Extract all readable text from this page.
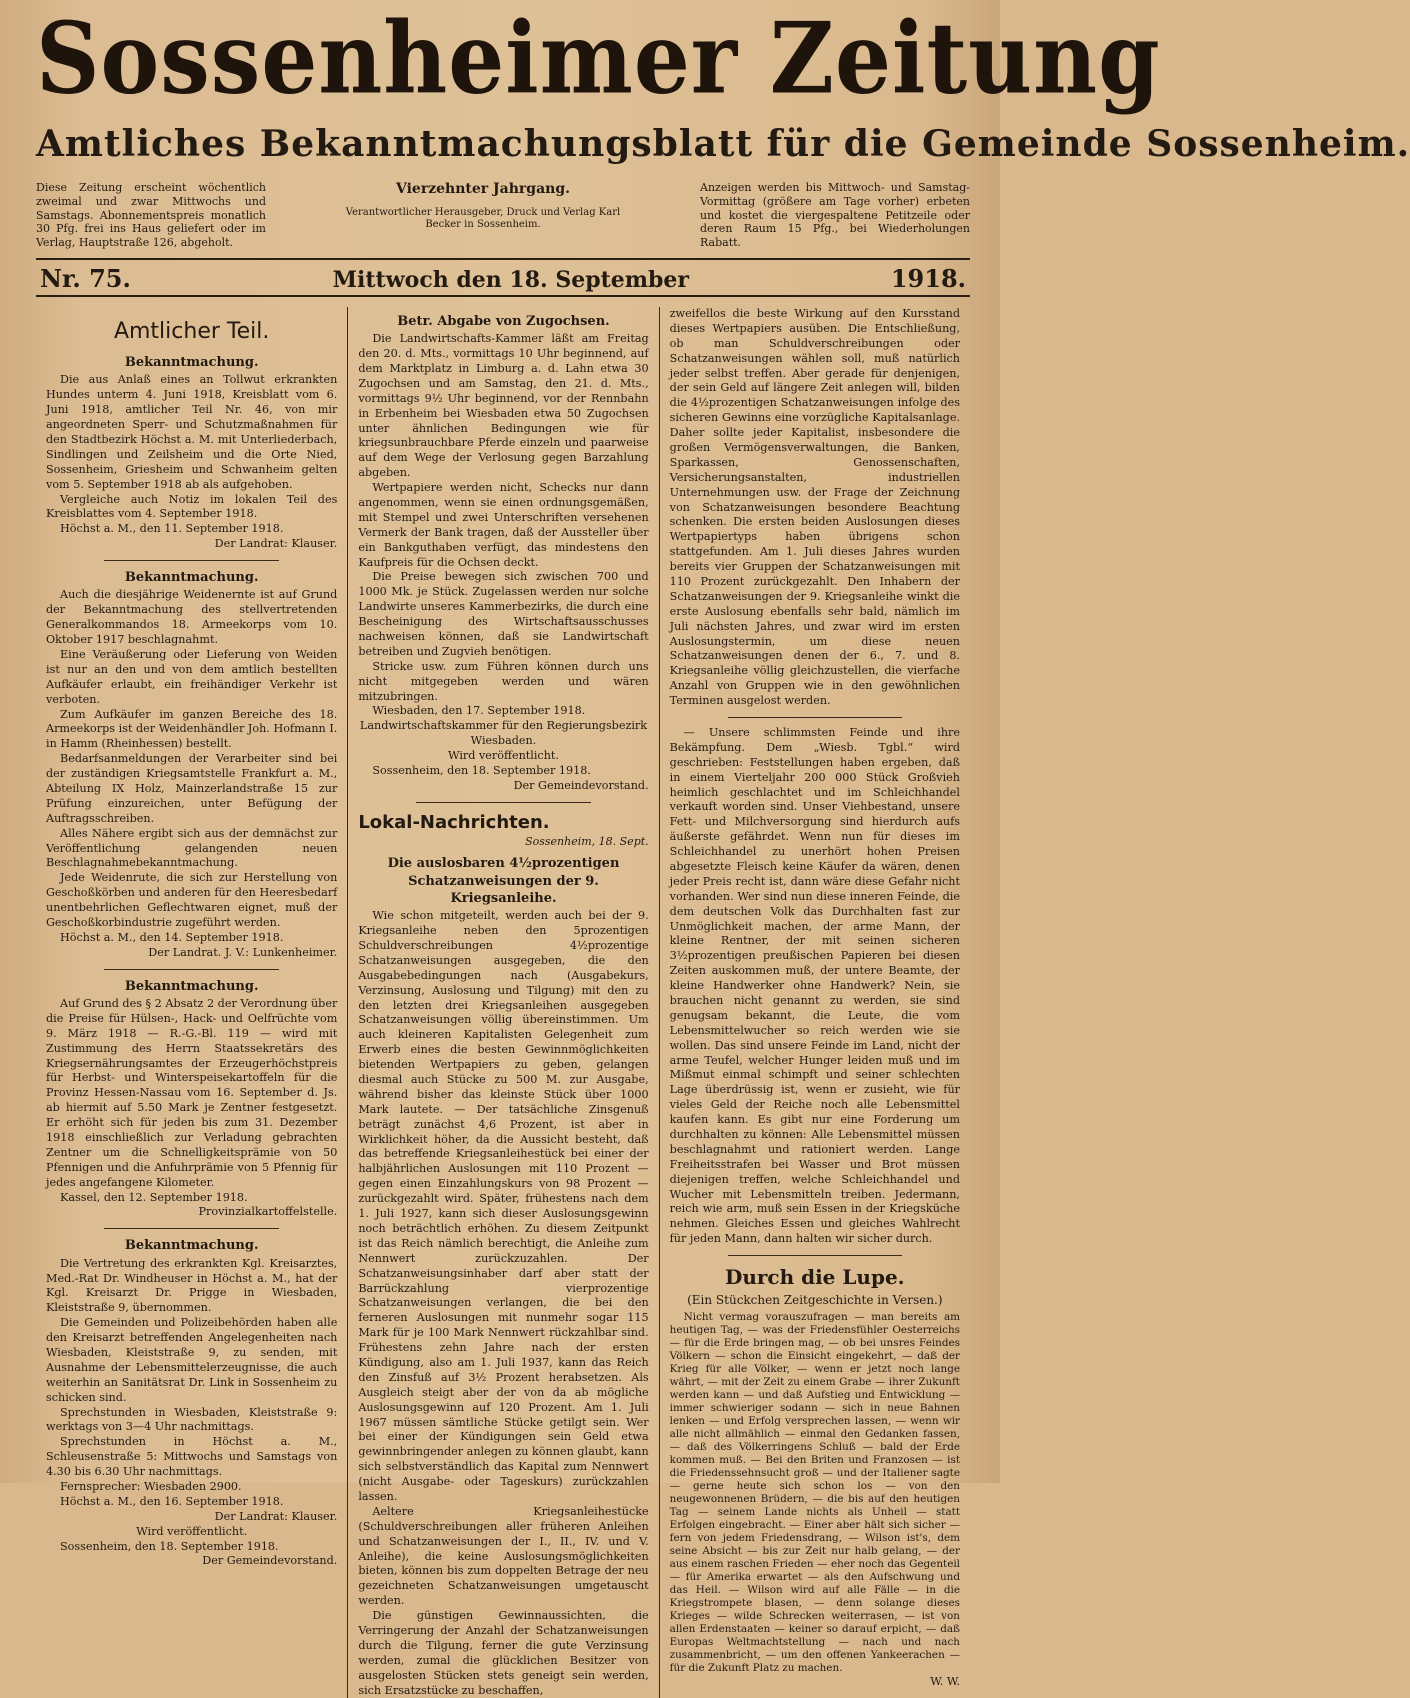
Sossenheimer Zeitung
Amtliches Bekanntmachungsblatt für die Gemeinde Sossenheim.
Diese Zeitung erscheint wöchentlich zweimal und zwar Mittwochs und Samstags. Abonnementspreis monatlich 30 Pfg. frei ins Haus geliefert oder im Verlag, Hauptstraße 126, abgeholt.
Vierzehnter Jahrgang.
Verantwortlicher Herausgeber, Druck und Verlag Karl Becker in Sossenheim.
Anzeigen werden bis Mittwoch- und Samstag-Vormittag (größere am Tage vorher) erbeten und kostet die viergespaltene Petitzeile oder deren Raum 15 Pfg., bei Wiederholungen Rabatt.
Nr. 75.	Mittwoch den 18. September	1918.
Amtlicher Teil.
Bekanntmachung.

Die aus Anlaß eines an Tollwut erkrankten Hundes unterm 4. Juni 1918, Kreisblatt vom 6. Juni 1918, amtlicher Teil Nr. 46, von mir angeordneten Sperr- und Schutzmaßnahmen für den Stadtbezirk Höchst a. M. mit Unterliederbach, Sindlingen und Zeilsheim und die Orte Nied, Sossenheim, Griesheim und Schwanheim gelten vom 5. September 1918 ab als aufgehoben.

Vergleiche auch Notiz im lokalen Teil des Kreisblattes vom 4. September 1918.

Höchst a. M., den 11. September 1918.

Der Landrat: Klauser.

Bekanntmachung.

Auch die diesjährige Weidenernte ist auf Grund der Bekanntmachung des stellvertretenden Generalkommandos 18. Armeekorps vom 10. Oktober 1917 beschlagnahmt.

Eine Veräußerung oder Lieferung von Weiden ist nur an den und von dem amtlich bestellten Aufkäufer erlaubt, ein freihändiger Verkehr ist verboten.

Zum Aufkäufer im ganzen Bereiche des 18. Armeekorps ist der Weidenhändler Joh. Hofmann I. in Hamm (Rheinhessen) bestellt.

Bedarfsanmeldungen der Verarbeiter sind bei der zuständigen Kriegsamtstelle Frankfurt a. M., Abteilung IX Holz, Mainzerlandstraße 15 zur Prüfung einzureichen, unter Befügung der Auftragsschreiben.

Alles Nähere ergibt sich aus der demnächst zur Veröffentlichung gelangenden neuen Beschlagnahmebekanntmachung.

Jede Weidenrute, die sich zur Herstellung von Geschoßkörben und anderen für den Heeresbedarf unentbehrlichen Geflechtwaren eignet, muß der Geschoßkorbindustrie zugeführt werden.

Höchst a. M., den 14. September 1918.

Der Landrat. J. V.: Lunkenheimer.

Bekanntmachung.

Auf Grund des § 2 Absatz 2 der Verordnung über die Preise für Hülsen-, Hack- und Oelfrüchte vom 9. März 1918 — R.-G.-Bl. 119 — wird mit Zustimmung des Herrn Staatssekretärs des Kriegsernährungsamtes der Erzeugerhöchstpreis für Herbst- und Winterspeisekartoffeln für die Provinz Hessen-Nassau vom 16. September d. Js. ab hiermit auf 5.50 Mark je Zentner festgesetzt. Er erhöht sich für jeden bis zum 31. Dezember 1918 einschließlich zur Verladung gebrachten Zentner um die Schnelligkeitsprämie von 50 Pfennigen und die Anfuhrprämie von 5 Pfennig für jedes angefangene Kilometer.

Kassel, den 12. September 1918.

Provinzialkartoffelstelle.

Bekanntmachung.

Die Vertretung des erkrankten Kgl. Kreisarztes, Med.-Rat Dr. Windheuser in Höchst a. M., hat der Kgl. Kreisarzt Dr. Prigge in Wiesbaden, Kleiststraße 9, übernommen.

Die Gemeinden und Polizeibehörden haben alle den Kreisarzt betreffenden Angelegenheiten nach Wiesbaden, Kleiststraße 9, zu senden, mit Ausnahme der Lebensmittelerzeugnisse, die auch weiterhin an Sanitätsrat Dr. Link in Sossenheim zu schicken sind.

Sprechstunden in Wiesbaden, Kleiststraße 9: werktags von 3—4 Uhr nachmittags.

Sprechstunden in Höchst a. M., Schleusenstraße 5: Mittwochs und Samstags von 4.30 bis 6.30 Uhr nachmittags.

Fernsprecher: Wiesbaden 2900.

Höchst a. M., den 16. September 1918.

Der Landrat: Klauser.

Wird veröffentlicht.

Sossenheim, den 18. September 1918.

Der Gemeindevorstand.

Betr. Abgabe von Zugochsen.

Die Landwirtschafts-Kammer läßt am Freitag den 20. d. Mts., vormittags 10 Uhr beginnend, auf dem Marktplatz in Limburg a. d. Lahn etwa 30 Zugochsen und am Samstag, den 21. d. Mts., vormittags 9½ Uhr beginnend, vor der Rennbahn in Erbenheim bei Wiesbaden etwa 50 Zugochsen unter ähnlichen Bedingungen wie für kriegsunbrauchbare Pferde einzeln und paarweise auf dem Wege der Verlosung gegen Barzahlung abgeben.

Wertpapiere werden nicht, Schecks nur dann angenommen, wenn sie einen ordnungsgemäßen, mit Stempel und zwei Unterschriften versehenen Vermerk der Bank tragen, daß der Aussteller über ein Bankguthaben verfügt, das mindestens den Kaufpreis für die Ochsen deckt.

Die Preise bewegen sich zwischen 700 und 1000 Mk. je Stück. Zugelassen werden nur solche Landwirte unseres Kammerbezirks, die durch eine Bescheinigung des Wirtschaftsausschusses nachweisen können, daß sie Landwirtschaft betreiben und Zugvieh benötigen.

Stricke usw. zum Führen können durch uns nicht mitgegeben werden und wären mitzubringen.

Wiesbaden, den 17. September 1918.

Landwirtschaftskammer für den Regierungsbezirk Wiesbaden.

Wird veröffentlicht.

Sossenheim, den 18. September 1918.

Der Gemeindevorstand.

Lokal-Nachrichten.

Sossenheim, 18. Sept.

Die auslosbaren 4½prozentigen Schatzanweisungen der 9. Kriegsanleihe.

Wie schon mitgeteilt, werden auch bei der 9. Kriegsanleihe neben den 5prozentigen Schuldverschreibungen 4½prozentige Schatzanweisungen ausgegeben, die den Ausgabebedingungen nach (Ausgabekurs, Verzinsung, Auslosung und Tilgung) mit den zu den letzten drei Kriegsanleihen ausgegeben Schatzanweisungen völlig übereinstimmen. Um auch kleineren Kapitalisten Gelegenheit zum Erwerb eines die besten Gewinnmöglichkeiten bietenden Wertpapiers zu geben, gelangen diesmal auch Stücke zu 500 M. zur Ausgabe, während bisher das kleinste Stück über 1000 Mark lautete. — Der tatsächliche Zinsgenuß beträgt zunächst 4,6 Prozent, ist aber in Wirklichkeit höher, da die Aussicht besteht, daß das betreffende Kriegsanleihestück bei einer der halbjährlichen Auslosungen mit 110 Prozent — gegen einen Einzahlungskurs von 98 Prozent — zurückgezahlt wird. Später, frühestens nach dem 1. Juli 1927, kann sich dieser Auslosungsgewinn noch beträchtlich erhöhen. Zu diesem Zeitpunkt ist das Reich nämlich berechtigt, die Anleihe zum Nennwert zurückzuzahlen. Der Schatzanweisungsinhaber darf aber statt der Barrückzahlung vierprozentige Schatzanweisungen verlangen, die bei den ferneren Auslosungen mit nunmehr sogar 115 Mark für je 100 Mark Nennwert rückzahlbar sind. Frühestens zehn Jahre nach der ersten Kündigung, also am 1. Juli 1937, kann das Reich den Zinsfuß auf 3½ Prozent herabsetzen. Als Ausgleich steigt aber der von da ab mögliche Auslosungsgewinn auf 120 Prozent. Am 1. Juli 1967 müssen sämtliche Stücke getilgt sein. Wer bei einer der Kündigungen sein Geld etwa gewinnbringender anlegen zu können glaubt, kann sich selbstverständlich das Kapital zum Nennwert (nicht Ausgabe- oder Tageskurs) zurückzahlen lassen.

Aeltere Kriegsanleihestücke (Schuldverschreibungen aller früheren Anleihen und Schatzanweisungen der I., II., IV. und V. Anleihe), die keine Auslosungsmöglichkeiten bieten, können bis zum doppelten Betrage der neu gezeichneten Schatzanweisungen umgetauscht werden.

Die günstigen Gewinnaussichten, die Verringerung der Anzahl der Schatzanweisungen durch die Tilgung, ferner die gute Verzinsung werden, zumal die glücklichen Besitzer von ausgelosten Stücken stets geneigt sein werden, sich Ersatzstücke zu beschaffen,

zweifellos die beste Wirkung auf den Kursstand dieses Wertpapiers ausüben. Die Entschließung, ob man Schuldverschreibungen oder Schatzanweisungen wählen soll, muß natürlich jeder selbst treffen. Aber gerade für denjenigen, der sein Geld auf längere Zeit anlegen will, bilden die 4½prozentigen Schatzanweisungen infolge des sicheren Gewinns eine vorzügliche Kapitalsanlage. Daher sollte jeder Kapitalist, insbesondere die großen Vermögensverwaltungen, die Banken, Sparkassen, Genossenschaften, Versicherungsanstalten, industriellen Unternehmungen usw. der Frage der Zeichnung von Schatzanweisungen besondere Beachtung schenken. Die ersten beiden Auslosungen dieses Wertpapiertyps haben übrigens schon stattgefunden. Am 1. Juli dieses Jahres wurden bereits vier Gruppen der Schatzanweisungen mit 110 Prozent zurückgezahlt. Den Inhabern der Schatzanweisungen der 9. Kriegsanleihe winkt die erste Auslosung ebenfalls sehr bald, nämlich im Juli nächsten Jahres, und zwar wird im ersten Auslosungstermin, um diese neuen Schatzanweisungen denen der 6., 7. und 8. Kriegsanleihe völlig gleichzustellen, die vierfache Anzahl von Gruppen wie in den gewöhnlichen Terminen ausgelost werden.

— Unsere schlimmsten Feinde und ihre Bekämpfung. Dem „Wiesb. Tgbl.“ wird geschrieben: Feststellungen haben ergeben, daß in einem Vierteljahr 200 000 Stück Großvieh heimlich geschlachtet und im Schleichhandel verkauft worden sind. Unser Viehbestand, unsere Fett- und Milchversorgung sind hierdurch aufs äußerste gefährdet. Wenn nun für dieses im Schleichhandel zu unerhört hohen Preisen abgesetzte Fleisch keine Käufer da wären, denen jeder Preis recht ist, dann wäre diese Gefahr nicht vorhanden. Wer sind nun diese inneren Feinde, die dem deutschen Volk das Durchhalten fast zur Unmöglichkeit machen, der arme Mann, der kleine Rentner, der mit seinen sicheren 3½prozentigen preußischen Papieren bei diesen Zeiten auskommen muß, der untere Beamte, der kleine Handwerker ohne Handwerk? Nein, sie brauchen nicht genannt zu werden, sie sind genugsam bekannt, die Leute, die vom Lebensmittelwucher so reich werden wie sie wollen. Das sind unsere Feinde im Land, nicht der arme Teufel, welcher Hunger leiden muß und im Mißmut einmal schimpft und seiner schlechten Lage überdrüssig ist, wenn er zusieht, wie für vieles Geld der Reiche noch alle Lebensmittel kaufen kann. Es gibt nur eine Forderung um durchhalten zu können: Alle Lebensmittel müssen beschlagnahmt und rationiert werden. Lange Freiheitsstrafen bei Wasser und Brot müssen diejenigen treffen, welche Schleichhandel und Wucher mit Lebensmitteln treiben. Jedermann, reich wie arm, muß sein Essen in der Kriegsküche nehmen. Gleiches Essen und gleiches Wahlrecht für jeden Mann, dann halten wir sicher durch.

Durch die Lupe.

(Ein Stückchen Zeitgeschichte in Versen.)

Nicht vermag vorauszufragen — man bereits am heutigen Tag, — was der Friedensfühler Oesterreichs — für die Erde bringen mag, — ob bei unsres Feindes Völkern — schon die Einsicht eingekehrt, — daß der Krieg für alle Völker, — wenn er jetzt noch lange währt, — mit der Zeit zu einem Grabe — ihrer Zukunft werden kann — und daß Aufstieg und Entwicklung — immer schwieriger sodann — sich in neue Bahnen lenken — und Erfolg versprechen lassen, — wenn wir alle nicht allmählich — einmal den Gedanken fassen, — daß des Völkerringens Schluß — bald der Erde kommen muß. — Bei den Briten und Franzosen — ist die Friedenssehnsucht groß — und der Italiener sagte — gerne heute sich schon los — von den neugewonnenen Brüdern, — die bis auf den heutigen Tag — seinem Lande nichts als Unheil — statt Erfolgen eingebracht. — Einer aber hält sich sicher — fern von jedem Friedensdrang, — Wilson ist's, dem seine Absicht — bis zur Zeit nur halb gelang, — der aus einem raschen Frieden — eher noch das Gegenteil — für Amerika erwartet — als den Aufschwung und das Heil. — Wilson wird auf alle Fälle — in die Kriegstrompete blasen, — denn solange dieses Krieges — wilde Schrecken weiterrasen, — ist von allen Erdenstaaten — keiner so darauf erpicht, — daß Europas Weltmachtstellung — nach und nach zusammenbricht, — um den offenen Yankeerachen — für die Zukunft Platz zu machen.

W. W.
